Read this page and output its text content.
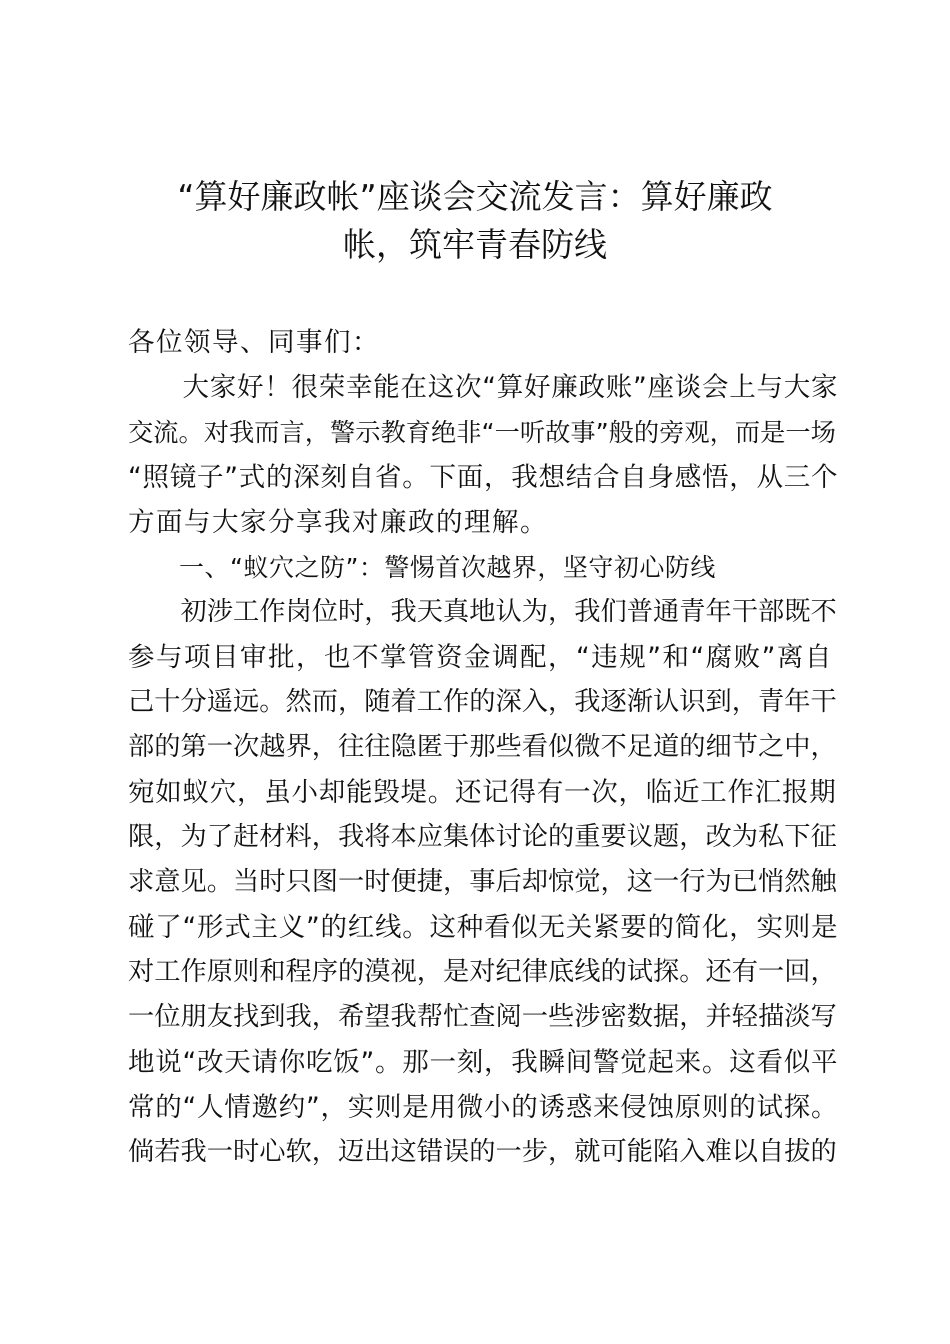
“算好廉政帐”座谈会交流发言：算好廉政
帐，筑牢青春防线
各位领导、同事们：
　　大家好！很荣幸能在这次“算好廉政账”座谈会上与大家
交流。对我而言，警示教育绝非“一听故事”般的旁观，而是一场
“照镜子”式的深刻自省。下面，我想结合自身感悟，从三个
方面与大家分享我对廉政的理解。
　　一、“蚁穴之防”：警惕首次越界，坚守初心防线
　　初涉工作岗位时，我天真地认为，我们普通青年干部既不
参与项目审批，也不掌管资金调配，“违规”和“腐败”离自
己十分遥远。然而，随着工作的深入，我逐渐认识到，青年干
部的第一次越界，往往隐匿于那些看似微不足道的细节之中，
宛如蚁穴，虽小却能毁堤。还记得有一次，临近工作汇报期
限，为了赶材料，我将本应集体讨论的重要议题，改为私下征
求意见。当时只图一时便捷，事后却惊觉，这一行为已悄然触
碰了“形式主义”的红线。这种看似无关紧要的简化，实则是
对工作原则和程序的漠视，是对纪律底线的试探。还有一回，
一位朋友找到我，希望我帮忙查阅一些涉密数据，并轻描淡写
地说“改天请你吃饭”。那一刻，我瞬间警觉起来。这看似平
常的“人情邀约”，实则是用微小的诱惑来侵蚀原则的试探。
倘若我一时心软，迈出这错误的一步，就可能陷入难以自拔的
